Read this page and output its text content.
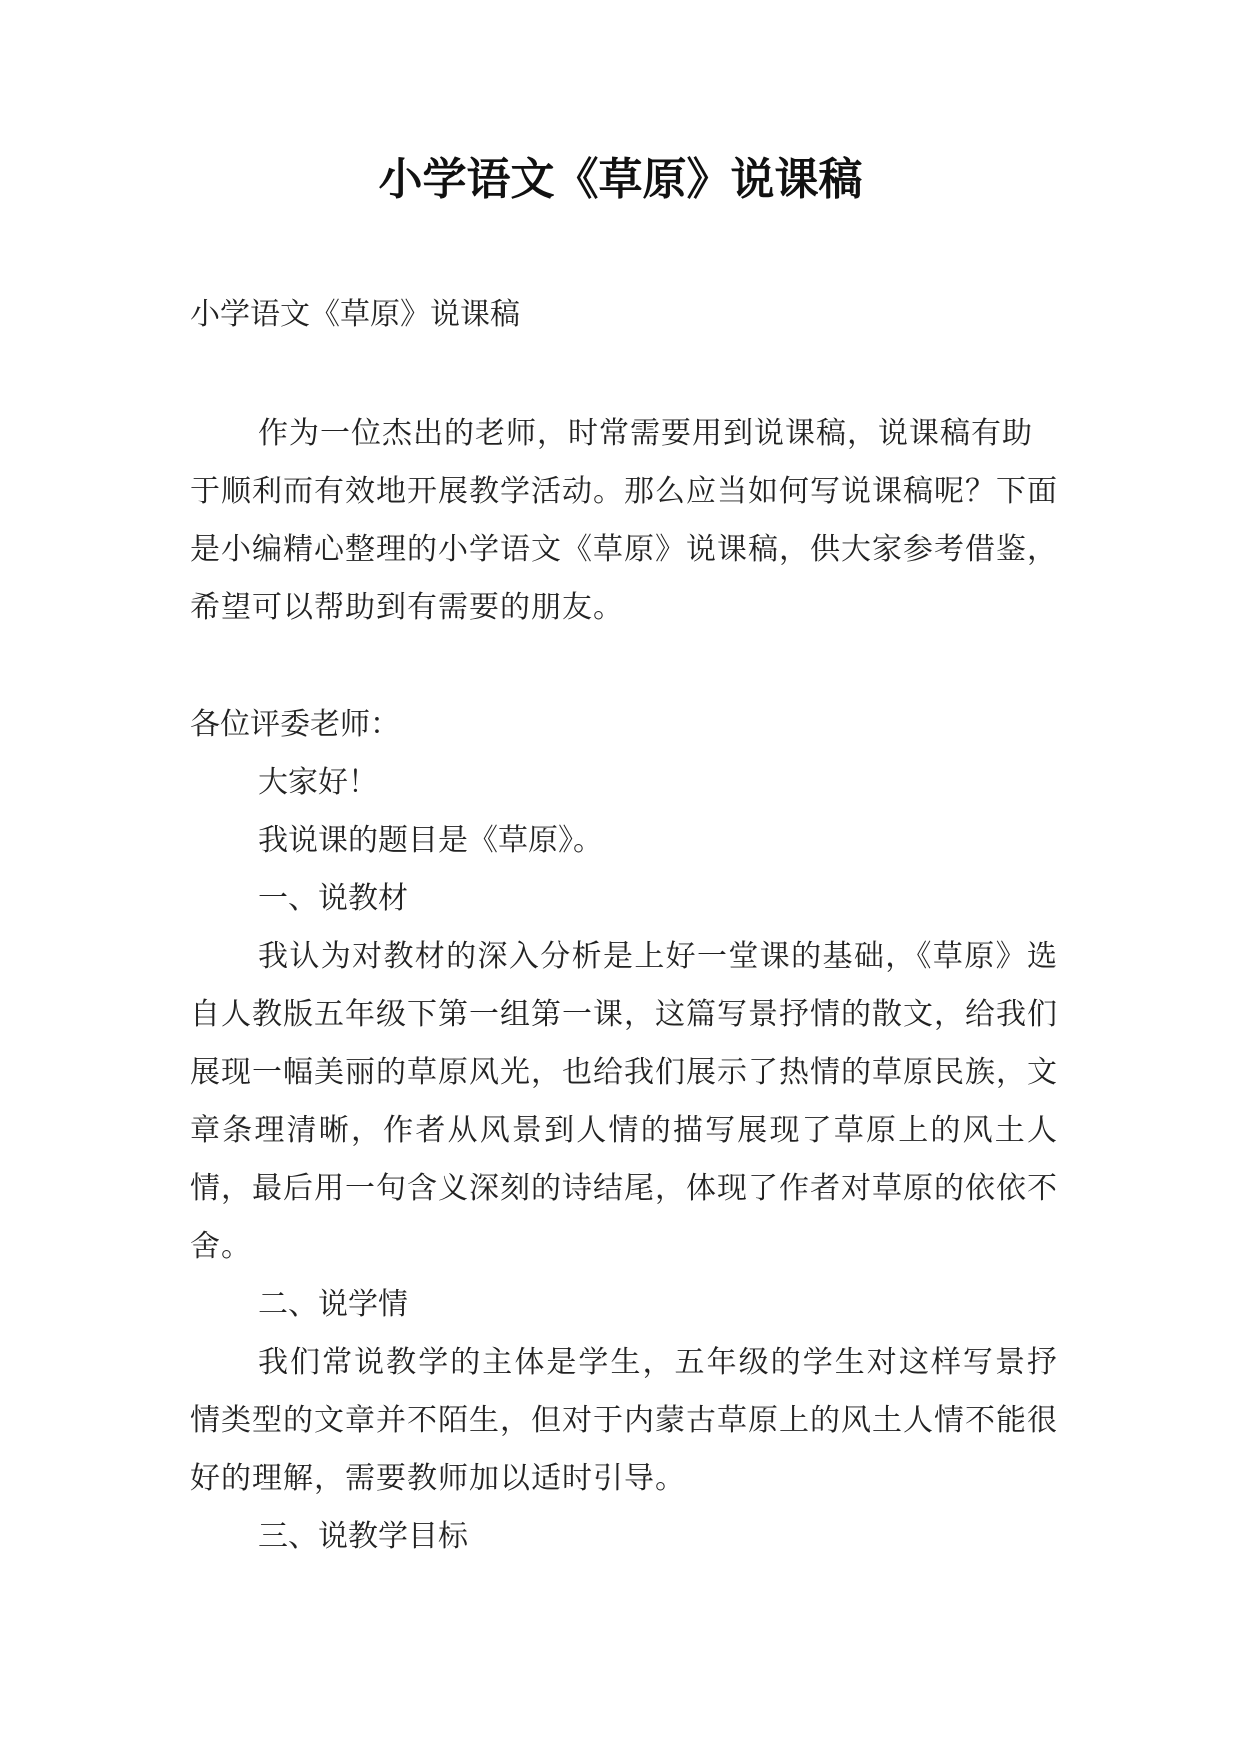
小学语文《草原》说课稿
小学语文《草原》说课稿
作为一位杰出的老师，时常需要用到说课稿，说课稿有助于顺利而有效地开展教学活动。那么应当如何写说课稿呢？下面是小编精心整理的小学语文《草原》说课稿，供大家参考借鉴，希望可以帮助到有需要的朋友。

各位评委老师：

大家好！

我说课的题目是《草原》。

一、说教材

我认为对教材的深入分析是上好一堂课的基础，《草原》选自人教版五年级下第一组第一课，这篇写景抒情的散文，给我们展现一幅美丽的草原风光，也给我们展示了热情的草原民族，文章条理清晰，作者从风景到人情的描写展现了草原上的风土人情，最后用一句含义深刻的诗结尾，体现了作者对草原的依依不舍。

二、说学情

我们常说教学的主体是学生，五年级的学生对这样写景抒情类型的文章并不陌生，但对于内蒙古草原上的风土人情不能很好的理解，需要教师加以适时引导。

三、说教学目标
